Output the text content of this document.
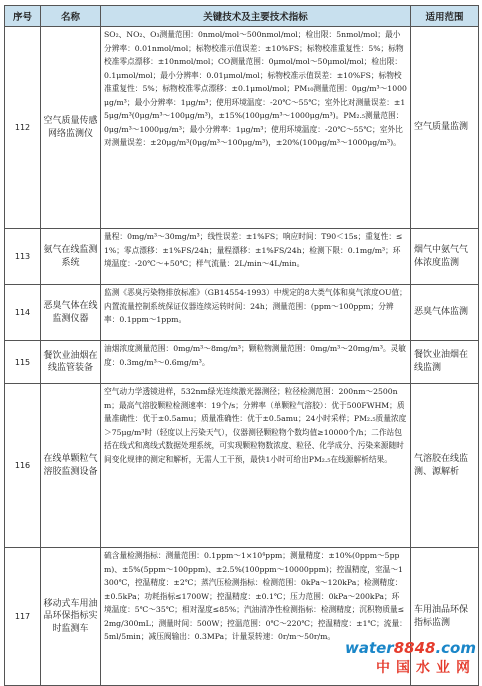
序号	名称	关键技术及主要技术指标	适用范围
112	空气质量传感网络监测仪	SO₂、NO₂、O₃测量范围：0nmol/mol～500nmol/mol；检出限：5nmol/mol；最小分辨率：0.01nmol/mol；标物校准示值误差：±10%FS；标物校准重复性：5%；标物校准零点漂移：±10nmol/mol；CO测量范围：0μmol/mol～50μmol/mol；检出限：0.1μmol/mol；最小分辨率：0.01μmol/mol；标物校准示值误差：±10%FS；标物校准重复性：5%；标物校准零点漂移：±0.1μmol/mol；PM₁₀测量范围：0μg/m³～1000μg/m³；最小分辨率：1μg/m³；使用环境温度：-20℃～55℃；室外比对测量误差：±15μg/m³(0μg/m³～100μg/m³)，±15%(100μg/m³～1000μg/m³)。PM₂.₅测量范围：0μg/m³～1000μg/m³；最小分辨率：1μg/m³；使用环境温度：-20℃～55℃；室外比对测量误差：±20μg/m³(0μg/m³～100μg/m³)，±20%(100μg/m³～1000μg/m³)。	空气质量监测
113	氨气在线监测系统	量程：0mg/m³～30mg/m³；线性误差：±1%FS；响应时间：T90＜15s；重复性：≤1%；零点漂移：±1%FS/24h；量程漂移：±1%FS/24h；检测下限：0.1mg/m³；环境温度：-20℃～+50℃；样气流量：2L/min～4L/min。	烟气中氨气气体浓度监测
114	恶臭气体在线监测仪器	监测《恶臭污染物排放标准》（GB14554-1993）中规定的8大类气体和臭气浓度OU值；内置流量控制系统保证仪器连续运转时间：24h；测量范围：(ppm～100ppm；分辨率：0.1ppm～1ppm。	恶臭气体监测
115	餐饮业油烟在线监管装备	油烟浓度测量范围：0mg/m³～8mg/m³；颗粒物测量范围：0mg/m³～20mg/m³。灵敏度：0.3mg/m³～0.6mg/m³。	餐饮业油烟在线监测
116	在线单颗粒气溶胶监测设备	空气动力学透镜进样，532nm绿光连续激光器测径；粒径检测范围：200nm～2500nm；最高气溶胶颗粒检测速率：19个/s；分辨率（单颗粒气溶胶）：优于500FWHM；质量准确性：优于±0.5amu；质量准确性：优于±0.5amu；24小时采样；PM₂.₅质量浓度＞75μg/m³时（轻度以上污染天气），仪器测径颗粒物个数均值≥10000个/h；二作站包括在线式和离线式数据处理系统，可实现颗粒物数浓度、粒径、化学成分、污染来源随时间变化规律的测定和解析，无需人工干预，最快1小时可给出PM₂.₅在线源解析结果。	气溶胶在线监测、源解析
117	移动式车用油品环保指标实时监测车	硫含量检测指标：测量范围：0.1ppm～1×10⁴ppm；测量精度：±10%(0ppm～5ppm)、±5%(5ppm～100ppm)、±2.5%(100ppm～10000ppm)；控温精度，室温～1300℃，控温精度：±2℃；蒸汽压检测指标：检测范围：0kPa～120kPa；检测精度：±0.5kPa；功耗指标≤1700W；控温精度：±0.1℃；压力范围：0kPa～200kPa；环境温度：5℃～35℃；相对湿度≤85%；汽油清净性检测指标：检测精度；沉积物质量≤2mg/300mL；测量时间：500W；控温范围：0℃～220℃；控温精度：±1℃；流量：5ml/5min；减压阀输出：0.3MPa；计量泵转速：0r/m～50r/m。	车用油品环保指标监测
water8848.com
中国水业网
